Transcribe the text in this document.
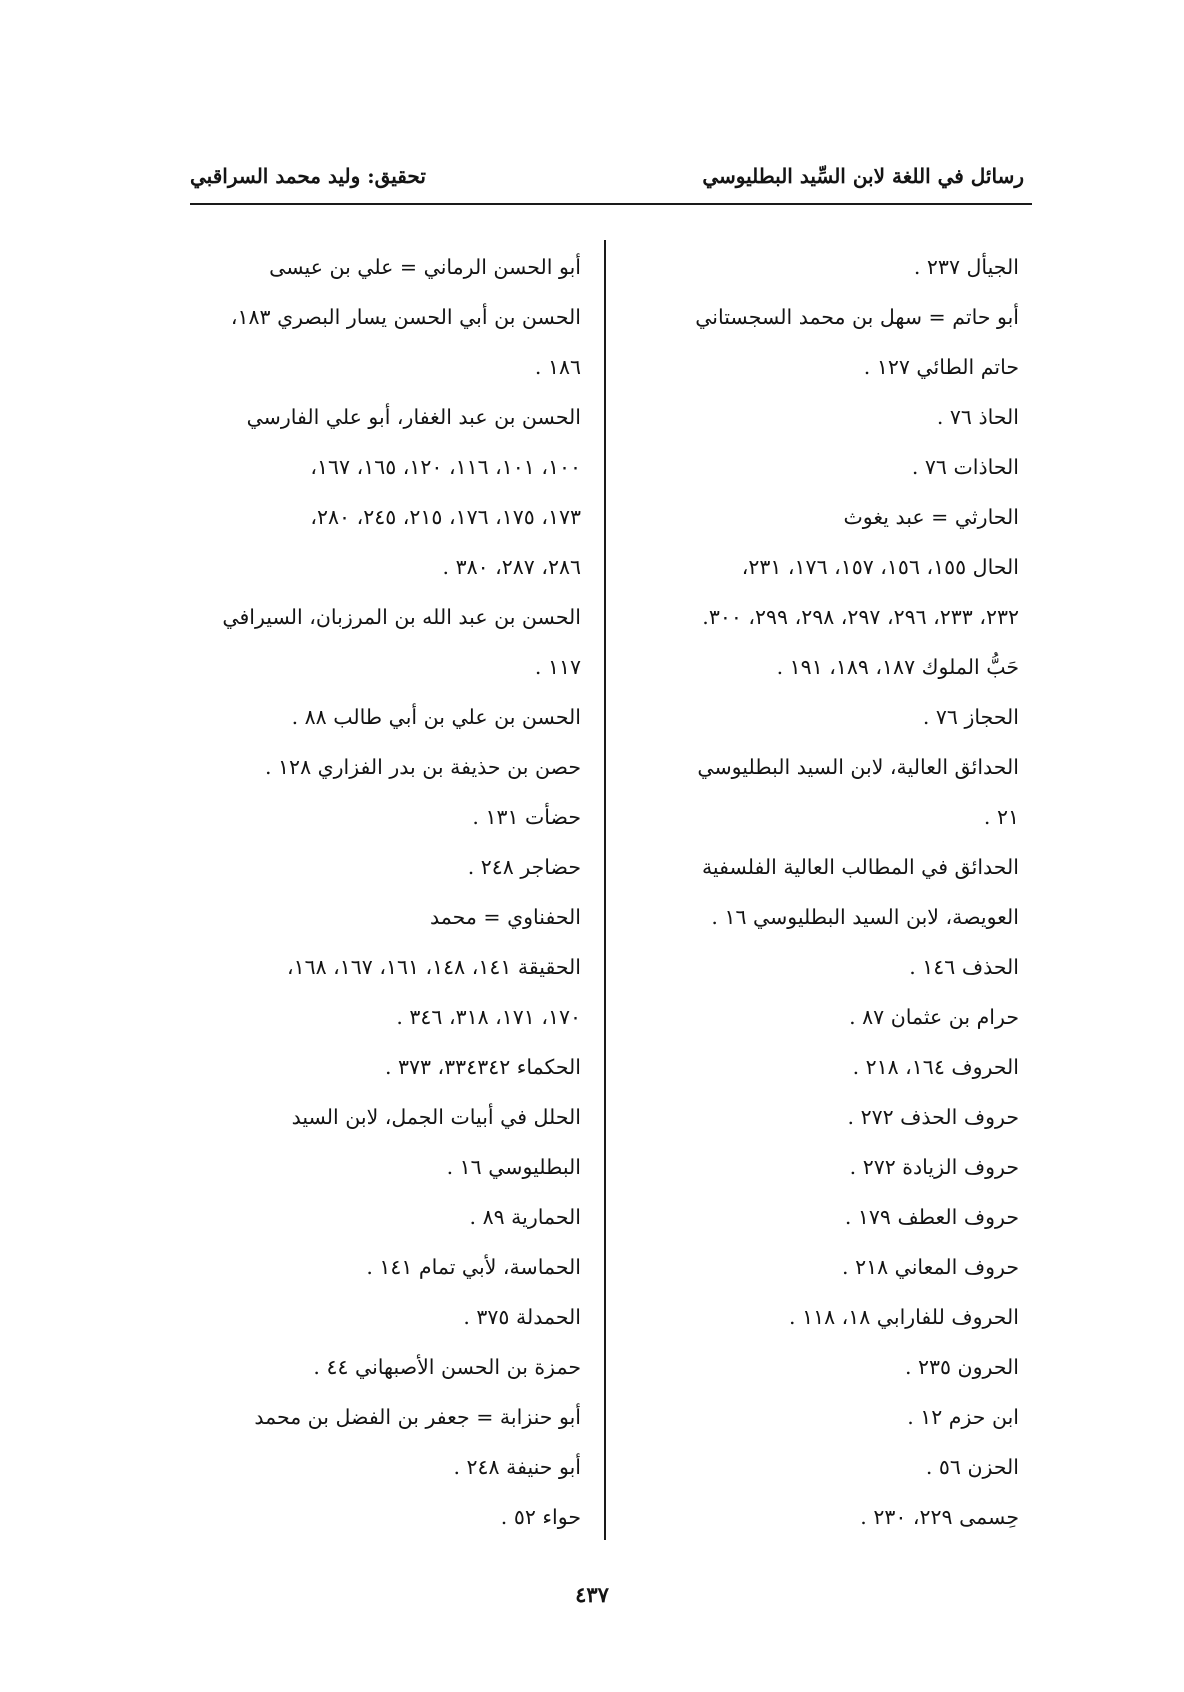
رسائل في اللغة لابن السِّيد البطليوسي
تحقيق: وليد محمد السراقبي
الجيأل ٢٣٧ .
أبو حاتم = سهل بن محمد السجستاني
حاتم الطائي ١٢٧ .
الحاذ ٧٦ .
الحاذات ٧٦ .
الحارثي = عبد يغوث
الحال ١٥٥، ١٥٦، ١٥٧، ١٧٦، ٢٣١،
٢٣٢، ٢٣٣، ٢٩٦، ٢٩٧، ٢٩٨، ٢٩٩، ٣٠٠.
حَبُّ الملوك ١٨٧، ١٨٩، ١٩١ .
الحجاز ٧٦ .
الحدائق العالية، لابن السيد البطليوسي
٢١ .
الحدائق في المطالب العالية الفلسفية
العويصة، لابن السيد البطليوسي ١٦ .
الحذف ١٤٦ .
حرام بن عثمان ٨٧ .
الحروف ١٦٤، ٢١٨ .
حروف الحذف ٢٧٢ .
حروف الزيادة ٢٧٢ .
حروف العطف ١٧٩ .
حروف المعاني ٢١٨ .
الحروف للفارابي ١٨، ١١٨ .
الحرون ٢٣٥ .
ابن حزم ١٢ .
الحزن ٥٦ .
حِسمى ٢٢٩، ٢٣٠ .
أبو الحسن الرماني = علي بن عيسى
الحسن بن أبي الحسن يسار البصري ١٨٣،
١٨٦ .
الحسن بن عبد الغفار، أبو علي الفارسي
١٠٠، ١٠١، ١١٦، ١٢٠، ١٦٥، ١٦٧،
١٧٣، ١٧٥، ١٧٦، ٢١٥، ٢٤٥، ٢٨٠،
٢٨٦، ٢٨٧، ٣٨٠ .
الحسن بن عبد الله بن المرزبان، السيرافي
١١٧ .
الحسن بن علي بن أبي طالب ٨٨ .
حصن بن حذيفة بن بدر الفزاري ١٢٨ .
حضأت ١٣١ .
حضاجر ٢٤٨ .
الحفناوي = محمد
الحقيقة ١٤١، ١٤٨، ١٦١، ١٦٧، ١٦٨،
١٧٠، ١٧١، ٣١٨، ٣٤٦ .
الحكماء ٣٣٤٣٤٢، ٣٧٣ .
الحلل في أبيات الجمل، لابن السيد
البطليوسي ١٦ .
الحمارية ٨٩ .
الحماسة، لأبي تمام ١٤١ .
الحمدلة ٣٧٥ .
حمزة بن الحسن الأصبهاني ٤٤ .
أبو حنزابة = جعفر بن الفضل بن محمد
أبو حنيفة ٢٤٨ .
حواء ٥٢ .
٤٣٧
